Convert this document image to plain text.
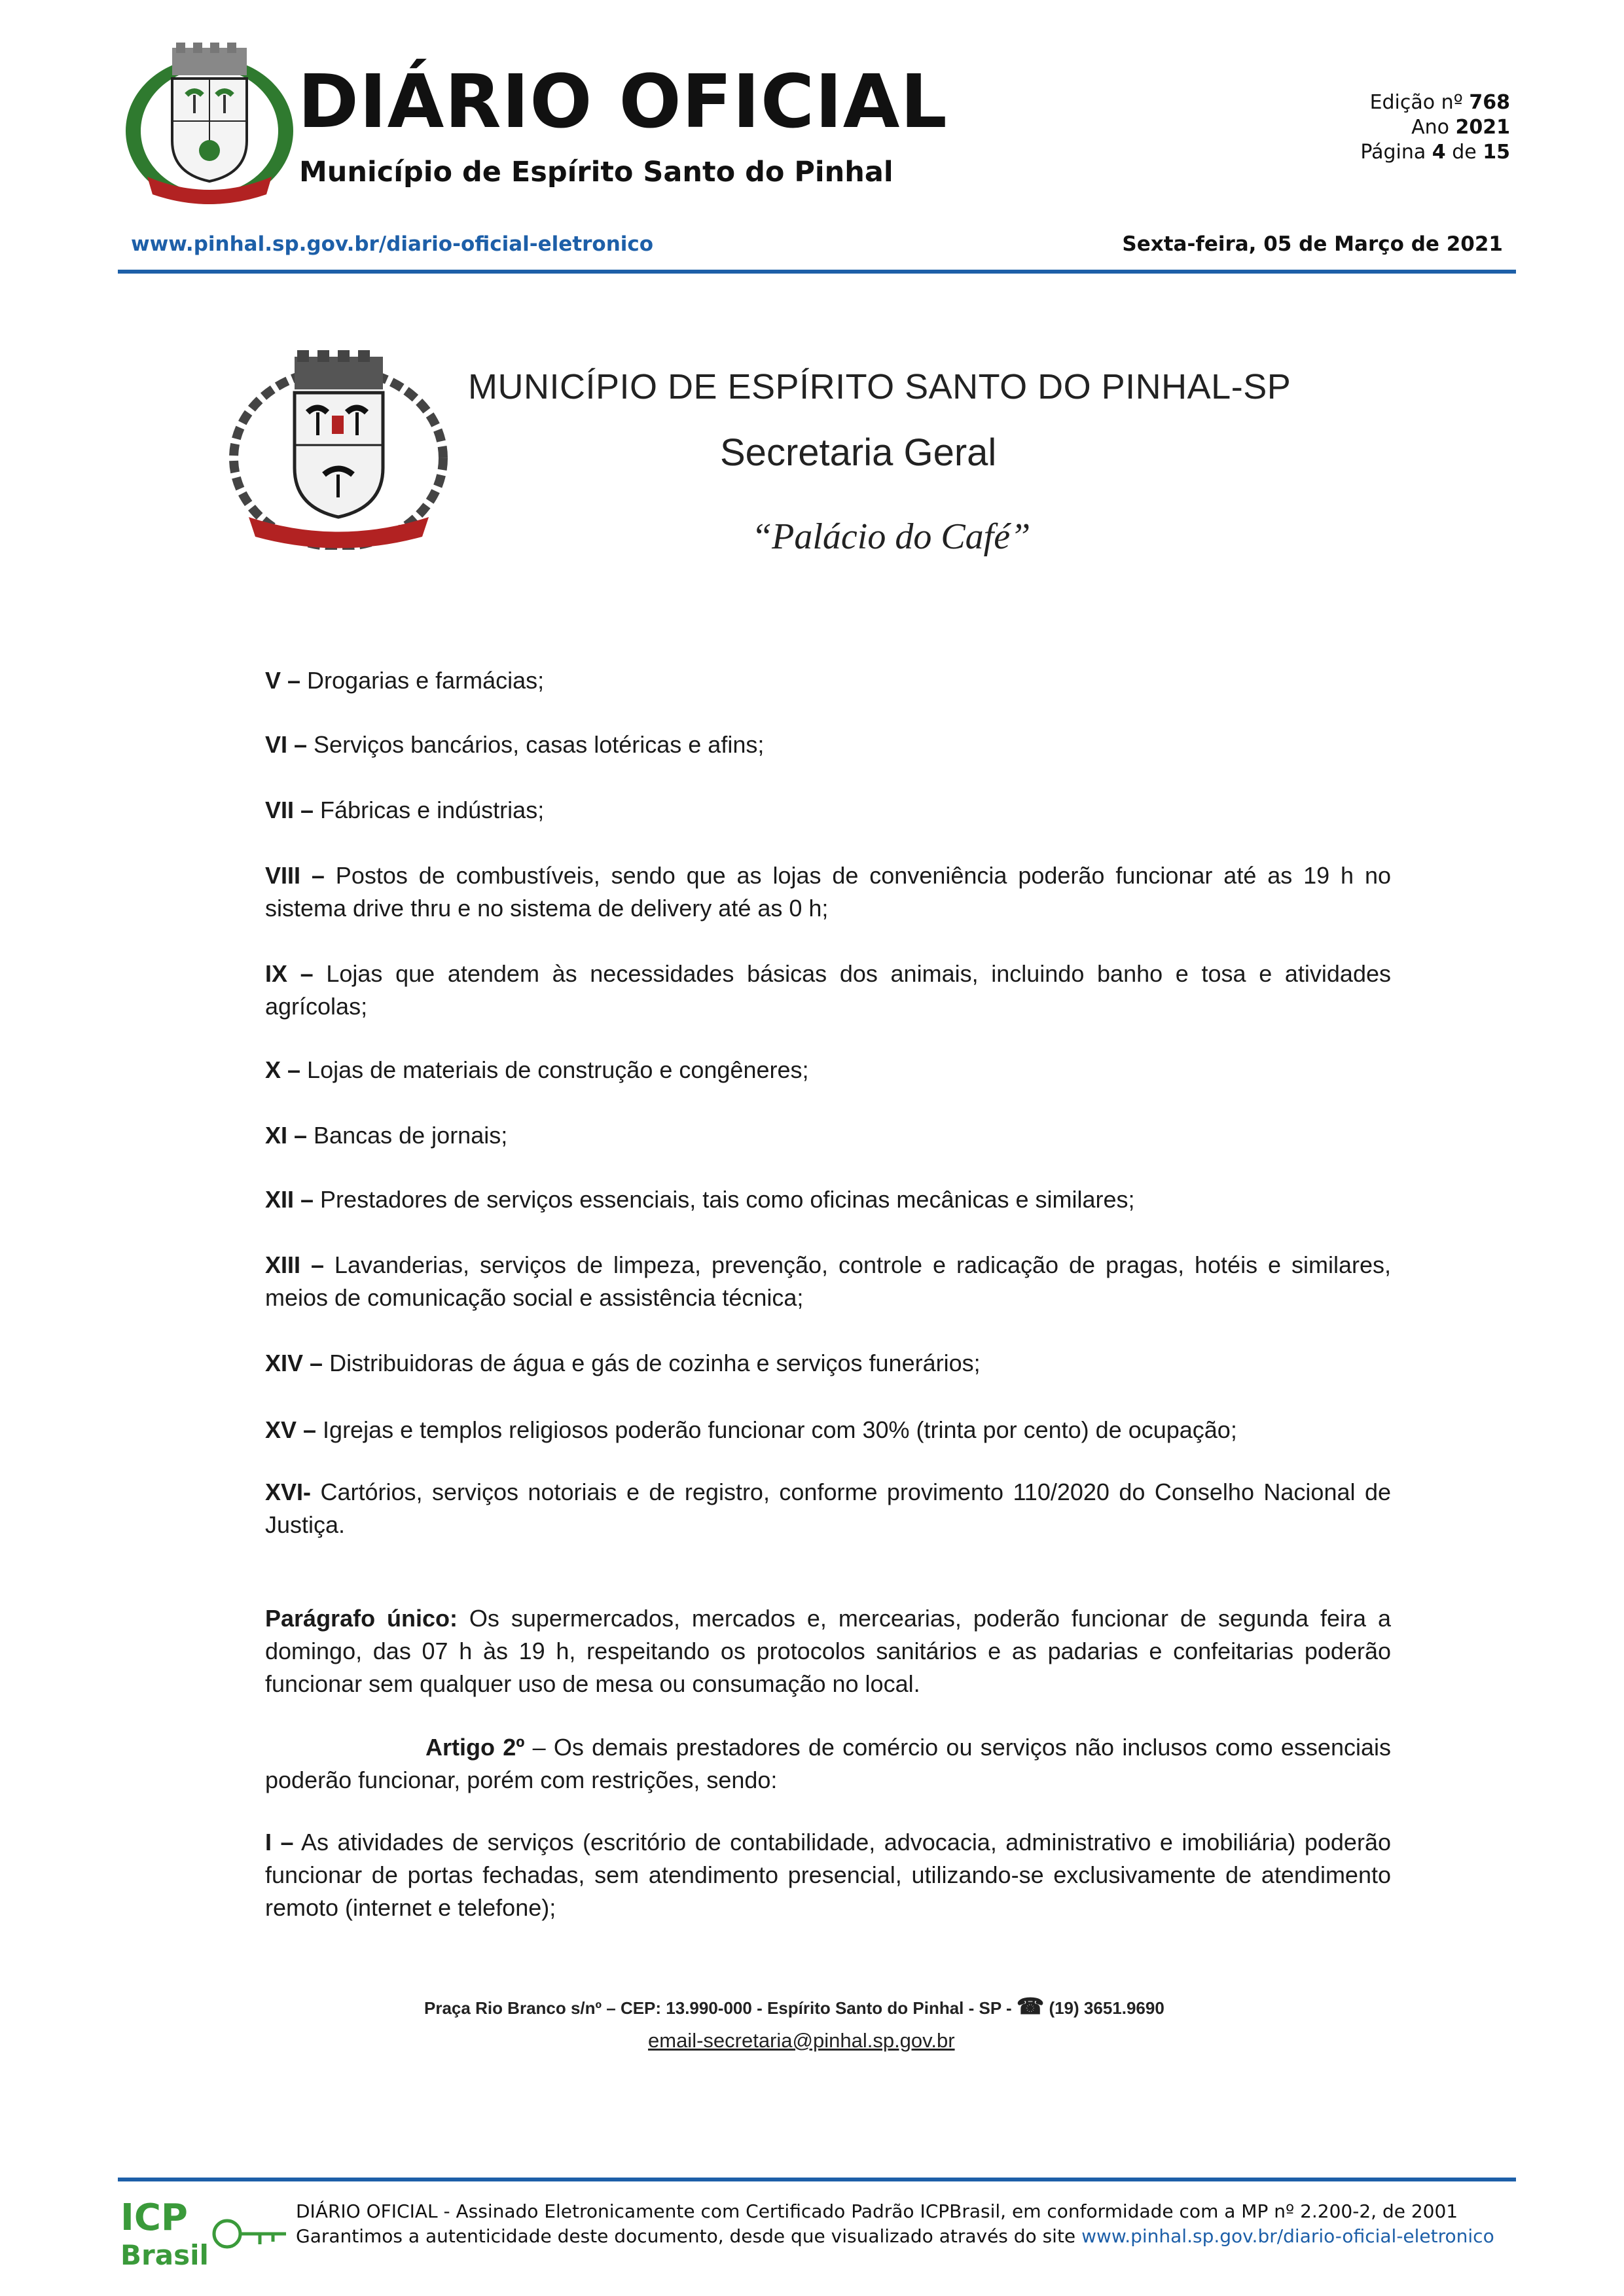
DIÁRIO OFICIAL
Município de Espírito Santo do Pinhal
Edição nº 768
Ano 2021
Página 4 de 15
www.pinhal.sp.gov.br/diario-oficial-eletronico	Sexta-feira, 05 de Março de 2021
MUNICÍPIO DE ESPÍRITO SANTO DO PINHAL-SP
Secretaria Geral
“Palácio do Café”
V – Drogarias e farmácias;
VI – Serviços bancários, casas lotéricas e afins;
VII – Fábricas e indústrias;
VIII – Postos de combustíveis, sendo que as lojas de conveniência poderão funcionar até as 19 h no sistema drive thru e no sistema de delivery até as 0 h;
IX – Lojas que atendem às necessidades básicas dos animais, incluindo banho e tosa e atividades agrícolas;
X – Lojas de materiais de construção e congêneres;
XI – Bancas de jornais;
XII – Prestadores de serviços essenciais, tais como oficinas mecânicas e similares;
XIII – Lavanderias, serviços de limpeza, prevenção, controle e radicação de pragas, hotéis e similares, meios de comunicação social e assistência técnica;
XIV – Distribuidoras de água e gás de cozinha e serviços funerários;
XV – Igrejas e templos religiosos poderão funcionar com 30% (trinta por cento) de ocupação;
XVI- Cartórios, serviços notoriais e de registro, conforme provimento 110/2020 do Conselho Nacional de Justiça.
Parágrafo único: Os supermercados, mercados e, mercearias, poderão funcionar de segunda feira a domingo, das 07 h às 19 h, respeitando os protocolos sanitários e as padarias e confeitarias poderão funcionar sem qualquer uso de mesa ou consumação no local.
Artigo 2º – Os demais prestadores de comércio ou serviços não inclusos como essenciais poderão funcionar, porém com restrições, sendo:
I – As atividades de serviços (escritório de contabilidade, advocacia, administrativo e imobiliária) poderão funcionar de portas fechadas, sem atendimento presencial, utilizando-se exclusivamente de atendimento remoto (internet e telefone);
Praça Rio Branco s/nº – CEP: 13.990-000 - Espírito Santo do Pinhal - SP - ☎ (19) 3651.9690
email-secretaria@pinhal.sp.gov.br
ICP
Brasil
DIÁRIO OFICIAL - Assinado Eletronicamente com Certificado Padrão ICPBrasil, em conformidade com a MP nº 2.200-2, de 2001
Garantimos a autenticidade deste documento, desde que visualizado através do site www.pinhal.sp.gov.br/diario-oficial-eletronico
